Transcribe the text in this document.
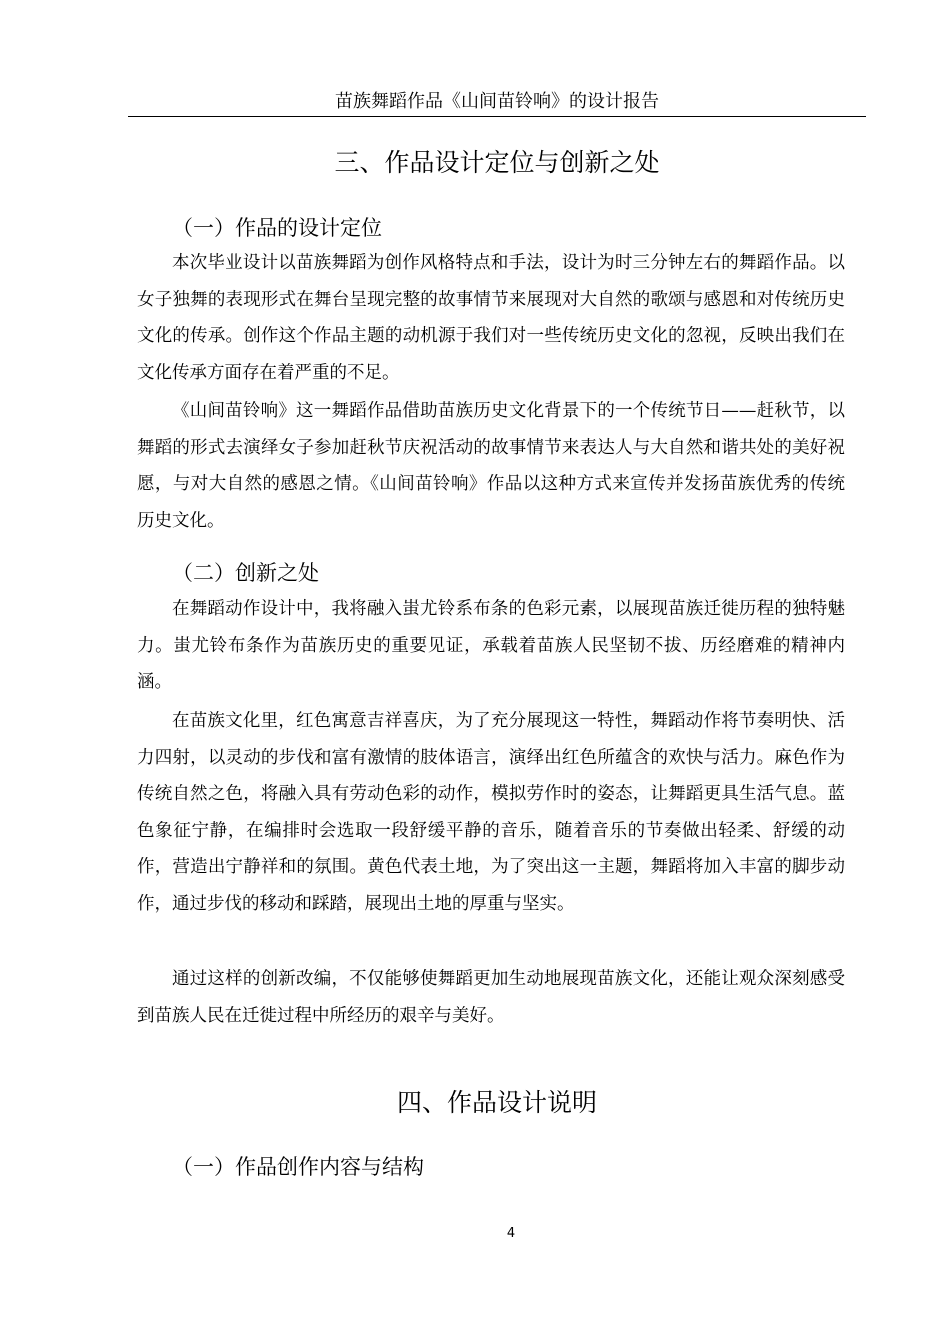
苗族舞蹈作品《山间苗铃响》的设计报告
三、作品设计定位与创新之处
（一）作品的设计定位

本次毕业设计以苗族舞蹈为创作风格特点和手法，设计为时三分钟左右的舞蹈作品。以女子独舞的表现形式在舞台呈现完整的故事情节来展现对大自然的歌颂与感恩和对传统历史文化的传承。创作这个作品主题的动机源于我们对一些传统历史文化的忽视，反映出我们在文化传承方面存在着严重的不足。

《山间苗铃响》这一舞蹈作品借助苗族历史文化背景下的一个传统节日——赶秋节，以舞蹈的形式去演绎女子参加赶秋节庆祝活动的故事情节来表达人与大自然和谐共处的美好祝愿，与对大自然的感恩之情。《山间苗铃响》作品以这种方式来宣传并发扬苗族优秀的传统历史文化。

（二）创新之处

在舞蹈动作设计中，我将融入蚩尤铃系布条的色彩元素，以展现苗族迁徙历程的独特魅力。蚩尤铃布条作为苗族历史的重要见证，承载着苗族人民坚韧不拔、历经磨难的精神内涵。

在苗族文化里，红色寓意吉祥喜庆，为了充分展现这一特性，舞蹈动作将节奏明快、活力四射，以灵动的步伐和富有激情的肢体语言，演绎出红色所蕴含的欢快与活力。麻色作为传统自然之色，将融入具有劳动色彩的动作，模拟劳作时的姿态，让舞蹈更具生活气息。蓝色象征宁静，在编排时会选取一段舒缓平静的音乐，随着音乐的节奏做出轻柔、舒缓的动作，营造出宁静祥和的氛围。黄色代表土地，为了突出这一主题，舞蹈将加入丰富的脚步动作，通过步伐的移动和踩踏，展现出土地的厚重与坚实。

通过这样的创新改编，不仅能够使舞蹈更加生动地展现苗族文化，还能让观众深刻感受到苗族人民在迁徙过程中所经历的艰辛与美好。

四、作品设计说明
（一）作品创作内容与结构
4
